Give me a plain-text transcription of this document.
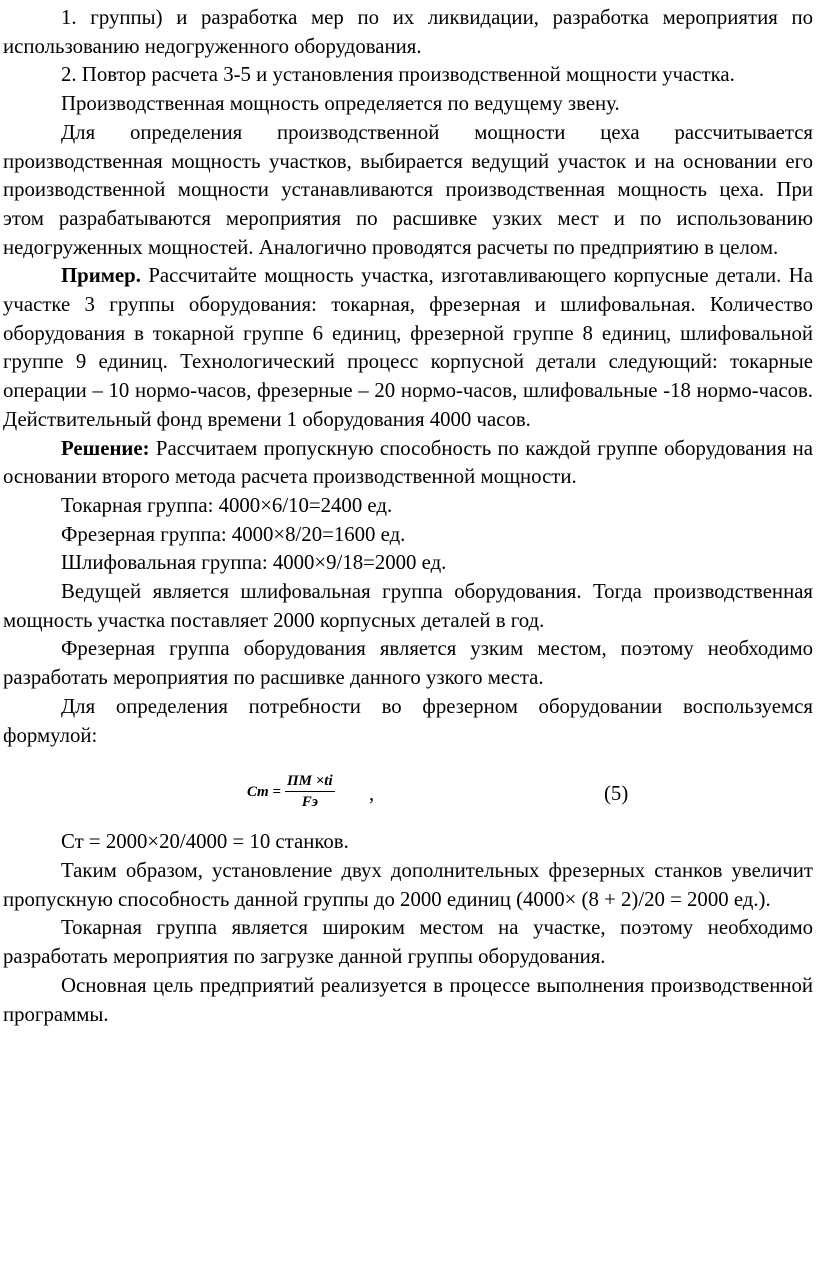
1. группы) и разработка мер по их ликвидации, разработка мероприятия по использованию недогруженного оборудования.

2. Повтор расчета 3-5 и установления производственной мощности участка.

Производственная мощность определяется по ведущему звену.

Для определения производственной мощности цеха рассчитывается производственная мощность участков, выбирается ведущий участок и на основании его производственной мощности устанавливаются производственная мощность цеха. При этом разрабатываются мероприятия по расшивке узких мест и по использованию недогруженных мощностей. Аналогично проводятся расчеты по предприятию в целом.

Пример. Рассчитайте мощность участка, изготавливающего корпусные детали. На участке 3 группы оборудования: токарная, фрезерная и шлифовальная. Количество оборудования в токарной группе 6 единиц, фрезерной группе 8 единиц, шлифовальной группе 9 единиц. Технологический процесс корпусной детали следующий: токарные операции – 10 нормо-часов, фрезерные – 20 нормо-часов, шлифовальные -18 нормо-часов. Действительный фонд времени 1 оборудования 4000 часов.

Решение: Рассчитаем пропускную способность по каждой группе оборудования на основании второго метода расчета производственной мощности.

Токарная группа: 4000×6/10=2400 ед.

Фрезерная группа: 4000×8/20=1600 ед.

Шлифовальная группа: 4000×9/18=2000 ед.

Ведущей является шлифовальная группа оборудования. Тогда производственная мощность участка поставляет 2000 корпусных деталей в год.

Фрезерная группа оборудования является узким местом, поэтому необходимо разработать мероприятия по расшивке данного узкого места.

Для определения потребности во фрезерном оборудовании воспользуемся формулой:

$Cm = \frac{ПМ \times ti}{Fэ}$ ,	(5)

Ст = 2000×20/4000 = 10 станков.

Таким образом, установление двух дополнительных фрезерных станков увеличит пропускную способность данной группы до 2000 единиц (4000× (8 + 2)/20 = 2000 ед.).

Токарная группа является широким местом на участке, поэтому необходимо разработать мероприятия по загрузке данной группы оборудования.

Основная цель предприятий реализуется в процессе выполнения производственной программы.
